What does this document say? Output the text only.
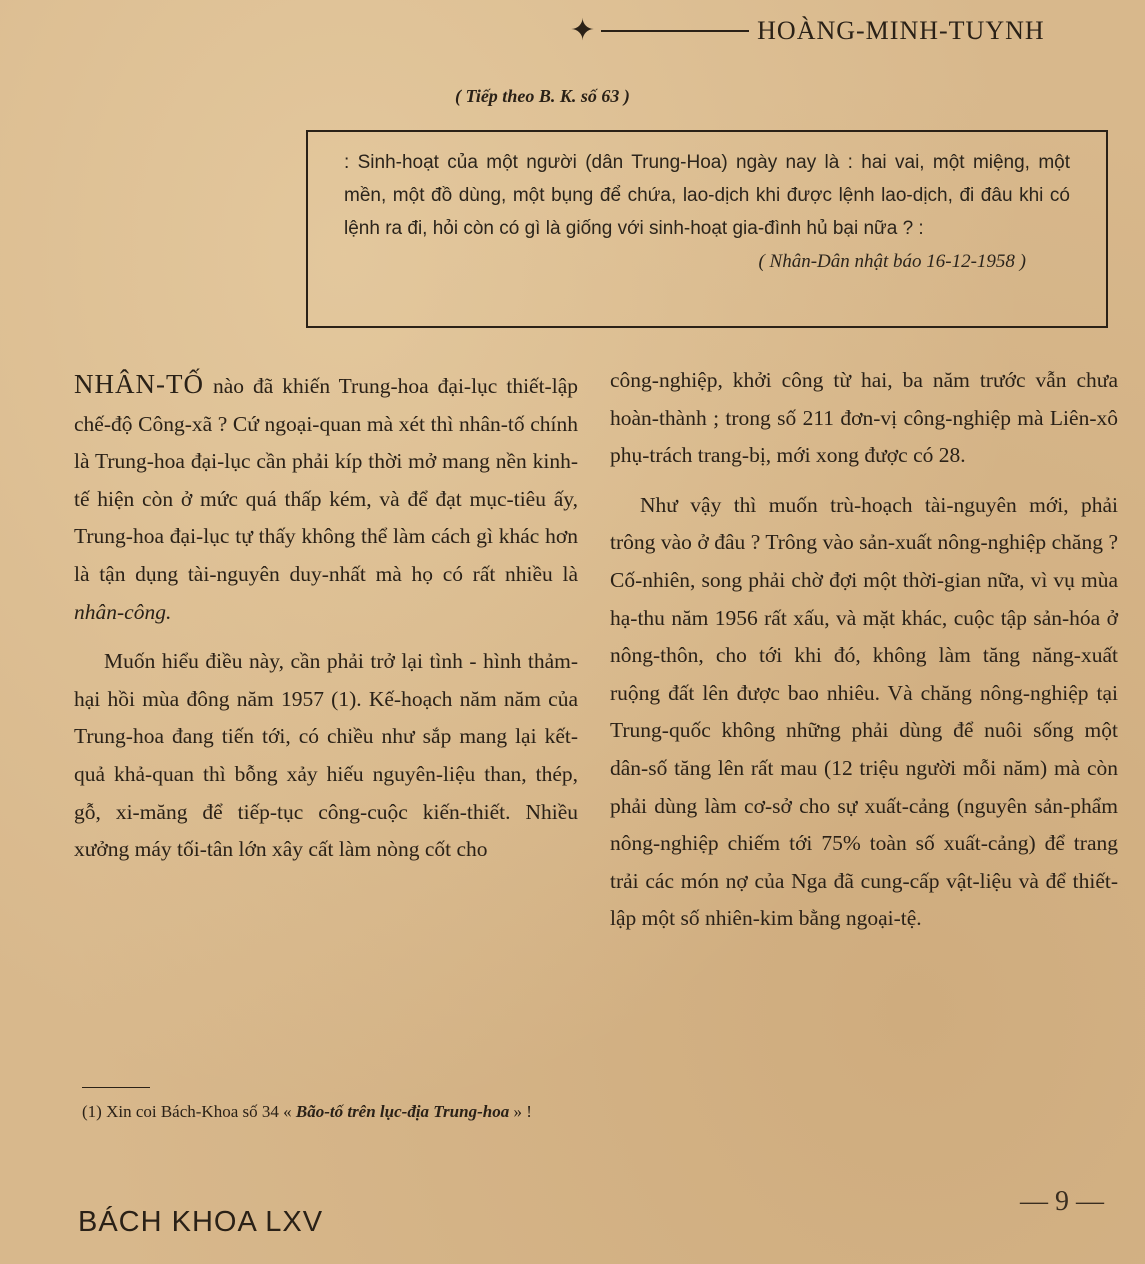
✦	HOÀNG-MINH-TUYNH
( Tiếp theo B. K. số 63 )
: Sinh-hoạt của một người (dân Trung-Hoa) ngày nay là : hai vai, một miệng, một mền, một đồ dùng, một bụng để chứa, lao-dịch khi được lệnh lao-dịch, đi đâu khi có lệnh ra đi, hỏi còn có gì là giống với sinh-hoạt gia-đình hủ bại nữa ? :
( Nhân-Dân nhật báo 16-12-1958 )

NHÂN-TỐ nào đã khiến Trung-hoa đại-lục thiết-lập chế-độ Công-xã ? Cứ ngoại-quan mà xét thì nhân-tố chính là Trung-hoa đại-lục cần phải kíp thời mở mang nền kinh-tế hiện còn ở mức quá thấp kém, và để đạt mục-tiêu ấy, Trung-hoa đại-lục tự thấy không thể làm cách gì khác hơn là tận dụng tài-nguyên duy-nhất mà họ có rất nhiều là nhân-công.

Muốn hiểu điều này, cần phải trở lại tình - hình thảm-hại hồi mùa đông năm 1957 (1). Kế-hoạch năm năm của Trung-hoa đang tiến tới, có chiều như sắp mang lại kết-quả khả-quan thì bỗng xảy hiếu nguyên-liệu than, thép, gỗ, xi-măng để tiếp-tục công-cuộc kiến-thiết. Nhiều xưởng máy tối-tân lớn xây cất làm nòng cốt cho

(1) Xin coi Bách-Khoa số 34 « Bão-tố trên lục-địa Trung-hoa » !

công-nghiệp, khởi công từ hai, ba năm trước vẫn chưa hoàn-thành ; trong số 211 đơn-vị công-nghiệp mà Liên-xô phụ-trách trang-bị, mới xong được có 28.

Như vậy thì muốn trù-hoạch tài-nguyên mới, phải trông vào ở đâu ? Trông vào sản-xuất nông-nghiệp chăng ? Cố-nhiên, song phải chờ đợi một thời-gian nữa, vì vụ mùa hạ-thu năm 1956 rất xấu, và mặt khác, cuộc tập sản-hóa ở nông-thôn, cho tới khi đó, không làm tăng năng-xuất ruộng đất lên được bao nhiêu. Và chăng nông-nghiệp tại Trung-quốc không những phải dùng để nuôi sống một dân-số tăng lên rất mau (12 triệu người mỗi năm) mà còn phải dùng làm cơ-sở cho sự xuất-cảng (nguyên sản-phẩm nông-nghiệp chiếm tới 75% toàn số xuất-cảng) để trang trải các món nợ của Nga đã cung-cấp vật-liệu và để thiết-lập một số nhiên-kim bằng ngoại-tệ.

BÁCH KHOA LXV
— 9 —
